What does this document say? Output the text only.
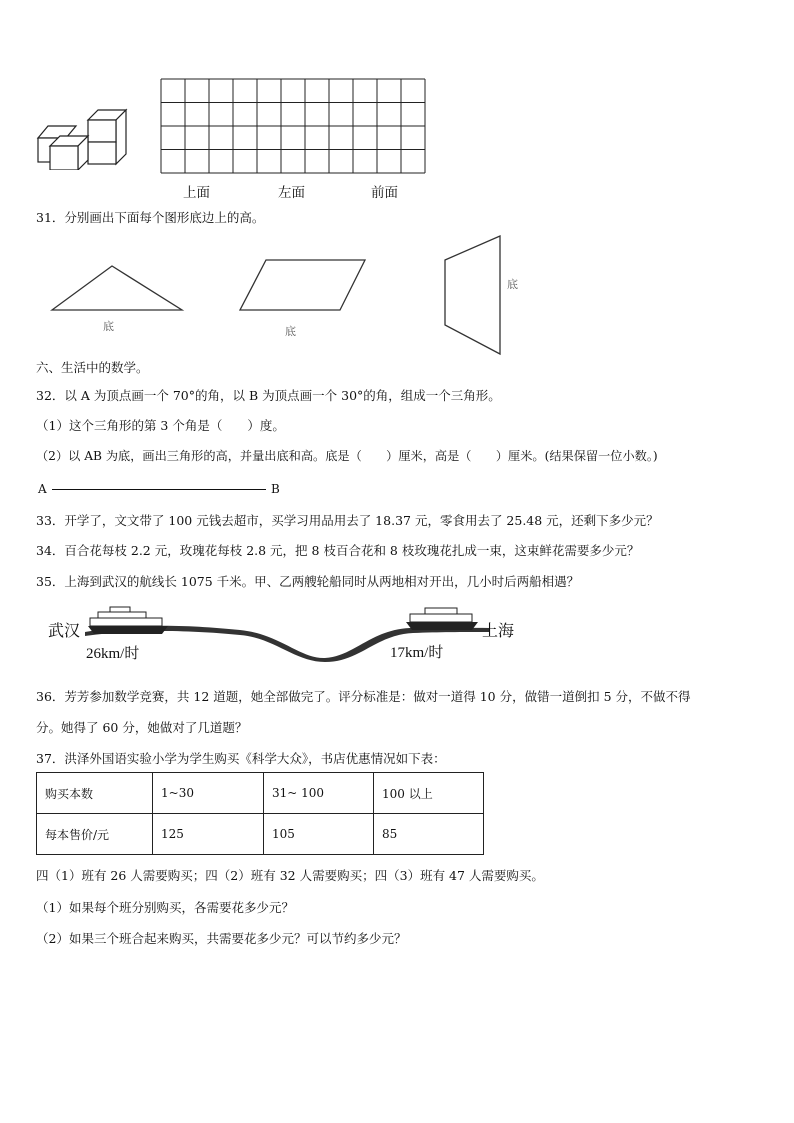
上面	左面	前面
31．分别画出下面每个图形底边上的高。
底	底
底
六、生活中的数学。
32．以 A 为顶点画一个 70°的角，以 B 为顶点画一个 30°的角，组成一个三角形。
（1）这个三角形的第 3 个角是（　　）度。
（2）以 AB 为底，画出三角形的高，并量出底和高。底是（　　）厘米，高是（　　）厘米。(结果保留一位小数。)
A	B
33．开学了，文文带了 100 元钱去超市，买学习用品用去了 18.37 元，零食用去了 25.48 元，还剩下多少元？
34．百合花每枝 2.2 元，玫瑰花每枝 2.8 元，把 8 枝百合花和 8 枝玫瑰花扎成一束，这束鲜花需要多少元？
35．上海到武汉的航线长 1075 千米。甲、乙两艘轮船同时从两地相对开出，几小时后两船相遇？
武汉	上海
26km/时	17km/时
36．芳芳参加数学竞赛，共 12 道题，她全部做完了。评分标准是：做对一道得 10 分，做错一道倒扣 5 分，不做不得
分。她得了 60 分，她做对了几道题？
37．洪泽外国语实验小学为学生购买《科学大众》，书店优惠情况如下表：
购买本数	1~30	31~ 100	100 以上
每本售价/元	125	105	85
四（1）班有 26 人需要购买；四（2）班有 32 人需要购买；四（3）班有 47 人需要购买。
（1）如果每个班分别购买，各需要花多少元？
（2）如果三个班合起来购买，共需要花多少元？可以节约多少元？
